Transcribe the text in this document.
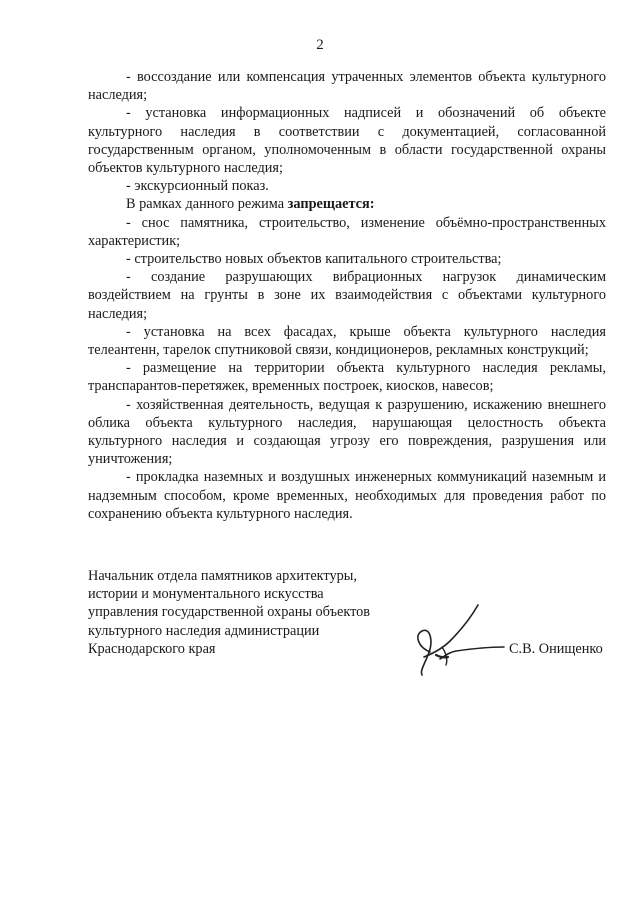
2

- воссоздание или компенсация утраченных элементов объекта культурного наследия;

- установка информационных надписей и обозначений об объекте культурного наследия в соответствии с документацией, согласованной государственным органом, уполномоченным в области государственной охраны объектов культурного наследия;

- экскурсионный показ.

В рамках данного режима запрещается:

- снос памятника, строительство, изменение объёмно-пространственных характеристик;

- строительство новых объектов капитального строительства;

- создание разрушающих вибрационных нагрузок динамическим воздействием на грунты в зоне их взаимодействия с объектами культурного наследия;

- установка на всех фасадах, крыше объекта культурного наследия телеантенн, тарелок спутниковой связи, кондиционеров, рекламных конструкций;

- размещение на территории объекта культурного наследия рекламы, транспарантов-перетяжек, временных построек, киосков, навесов;

- хозяйственная деятельность, ведущая к разрушению, искажению внешнего облика объекта культурного наследия, нарушающая целостность объекта культурного наследия и создающая угрозу его повреждения, разрушения или уничтожения;

- прокладка наземных и воздушных инженерных коммуникаций наземным и надземным способом, кроме временных, необходимых для проведения работ по сохранению объекта культурного наследия.

Начальник отдела памятников архитектуры,
истории и монументального искусства
управления государственной охраны объектов
культурного наследия администрации
Краснодарского края	С.В. Онищенко
